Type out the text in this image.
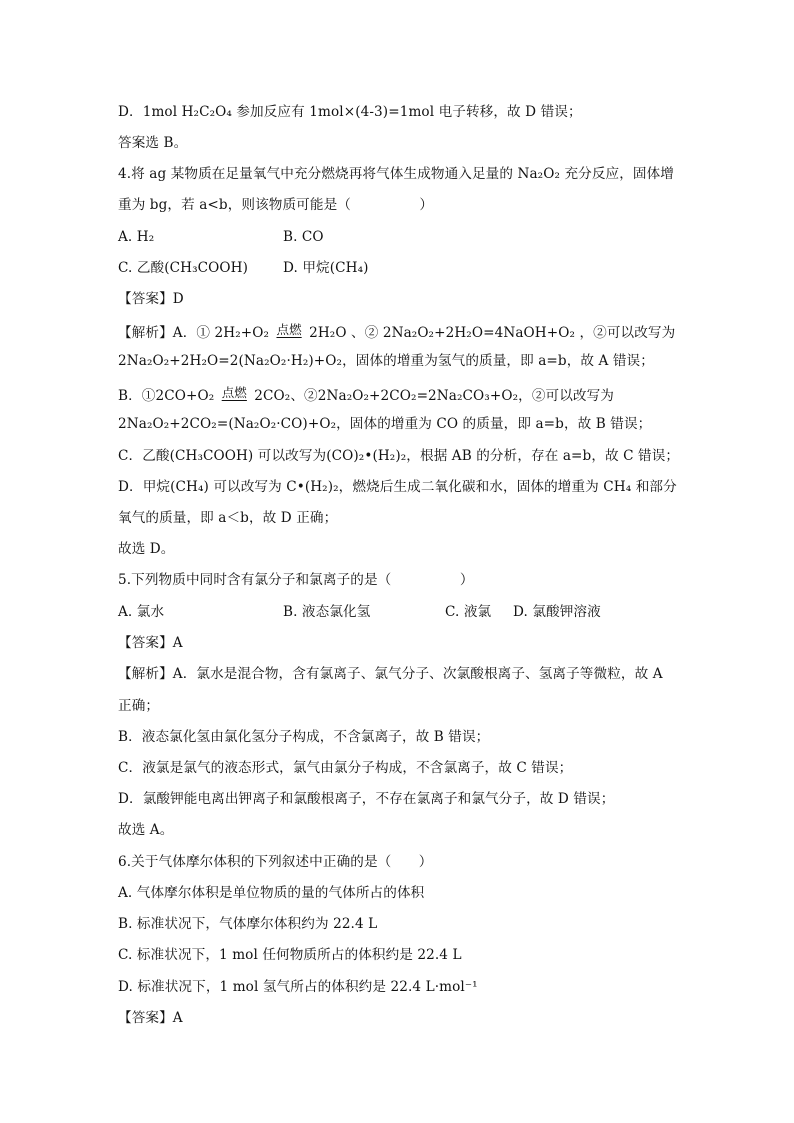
D．1mol H₂C₂O₄ 参加反应有 1mol×(4-3)=1mol 电子转移，故 D 错误；
答案选 B。
4.将 ag 某物质在足量氧气中充分燃烧再将气体生成物通入足量的 Na₂O₂ 充分反应，固体增
重为 bg，若 a<b，则该物质可能是（　　　　　）
A. H₂	B. CO
C. 乙酸(CH₃COOH)	D. 甲烷(CH₄)
【答案】D
【解析】A．① 2H₂+O₂ 点燃 2H₂O 、② 2Na₂O₂+2H₂O=4NaOH+O₂ ，②可以改写为
2Na₂O₂+2H₂O=2(Na₂O₂·H₂)+O₂，固体的增重为氢气的质量，即 a=b，故 A 错误；
B．①2CO+O₂ 点燃 2CO₂、②2Na₂O₂+2CO₂=2Na₂CO₃+O₂，②可以改写为
2Na₂O₂+2CO₂=(Na₂O₂·CO)+O₂，固体的增重为 CO 的质量，即 a=b，故 B 错误；
C．乙酸(CH₃COOH) 可以改写为(CO)₂•(H₂)₂，根据 AB 的分析，存在 a=b，故 C 错误；
D．甲烷(CH₄) 可以改写为 C•(H₂)₂，燃烧后生成二氧化碳和水，固体的增重为 CH₄ 和部分
氧气的质量，即 a＜b，故 D 正确；
故选 D。
5.下列物质中同时含有氯分子和氯离子的是（　　　　　）
A. 氯水	B. 液态氯化氢	C. 液氯 D. 氯酸钾溶液
【答案】A
【解析】A．氯水是混合物，含有氯离子、氯气分子、次氯酸根离子、氢离子等微粒，故 A
正确；
B．液态氯化氢由氯化氢分子构成，不含氯离子，故 B 错误；
C．液氯是氯气的液态形式，氯气由氯分子构成，不含氯离子，故 C 错误；
D．氯酸钾能电离出钾离子和氯酸根离子，不存在氯离子和氯气分子，故 D 错误；
故选 A。
6.关于气体摩尔体积的下列叙述中正确的是（　　）
A. 气体摩尔体积是单位物质的量的气体所占的体积
B. 标准状况下，气体摩尔体积约为 22.4 L
C. 标准状况下，1 mol 任何物质所占的体积约是 22.4 L
D. 标准状况下，1 mol 氢气所占的体积约是 22.4 L·mol⁻¹
【答案】A
